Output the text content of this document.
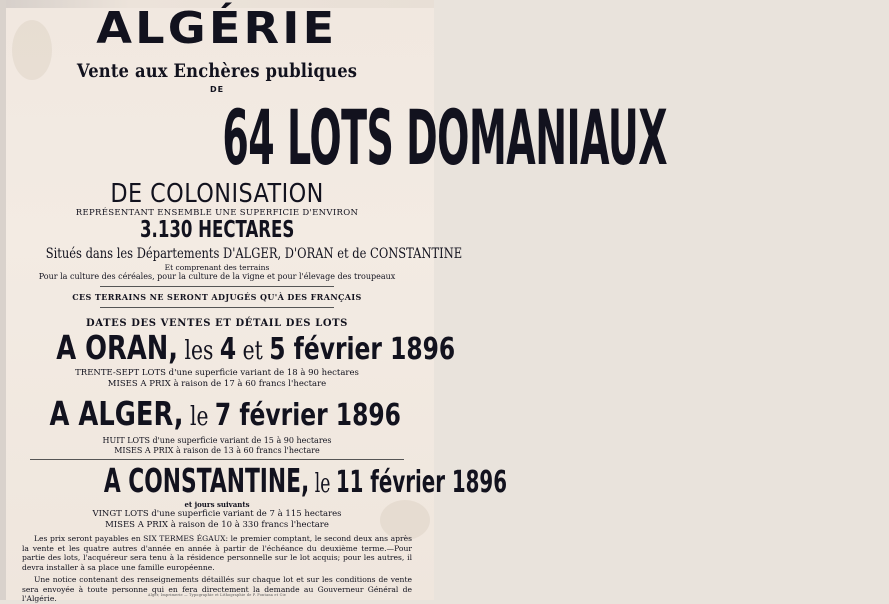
ALGÉRIE
Vente aux Enchères publiques
DE
64 LOTS DOMANIAUX
DE COLONISATION
REPRÉSENTANT ENSEMBLE UNE SUPERFICIE D'ENVIRON
3.130 HECTARES
Situés dans les Départements D'ALGER, D'ORAN et de CONSTANTINE
Et comprenant des terrains
Pour la culture des céréales, pour la culture de la vigne et pour l'élevage des troupeaux
CES TERRAINS NE SERONT ADJUGÉS QU'À DES FRANÇAIS
DATES DES VENTES ET DÉTAIL DES LOTS
A ORAN, les 4 et 5 février 1896
TRENTE-SEPT LOTS d'une superficie variant de 18 à 90 hectares
MISES A PRIX à raison de 17 à 60 francs l'hectare
A ALGER, le 7 février 1896
HUIT LOTS d'une superficie variant de 15 à 90 hectares
MISES A PRIX à raison de 13 à 60 francs l'hectare
A CONSTANTINE, le 11 février 1896
et jours suivants
VINGT LOTS d'une superficie variant de 7 à 115 hectares
MISES A PRIX à raison de 10 à 330 francs l'hectare
Les prix seront payables en SIX TERMES ÉGAUX: le premier comptant, le second deux ans après la vente et les quatre autres d'année en année à partir de l'échéance du deuxième terme.—Pour partie des lots, l'acquéreur sera tenu à la résidence personnelle sur le lot acquis; pour les autres, il devra installer à sa place une famille européenne.
Une notice contenant des renseignements détaillés sur chaque lot et sur les conditions de vente sera envoyée à toute personne qui en fera directement la demande au Gouverneur Général de l'Algérie.	Alger, Imprimerie — Typographie et Lithographie de P. Fontana et Cie
